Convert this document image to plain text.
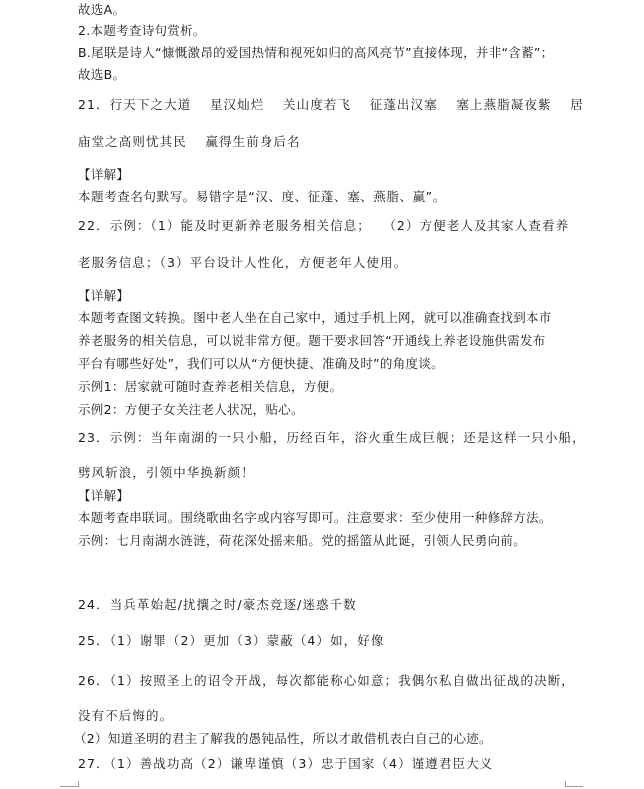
故选A。
2.本题考查诗句赏析。
B.尾联是诗人“慷慨激昂的爱国热情和视死如归的高风亮节”直接体现，并非“含蓄”；
故选B。
21．行天下之大道　 星汉灿烂　 关山度若飞　 征蓬出汉塞　 塞上燕脂凝夜紫　 居
庙堂之高则忧其民　 赢得生前身后名
【详解】
本题考查名句默写。易错字是“汉、度、征蓬、塞、燕脂、赢”。
22．示例：（1）能及时更新养老服务相关信息；　 （2）方便老人及其家人查看养
老服务信息；（3）平台设计人性化，方便老年人使用。
【详解】
本题考查图文转换。图中老人坐在自己家中，通过手机上网，就可以准确查找到本市
养老服务的相关信息，可以说非常方便。题干要求回答“开通线上养老设施供需发布
平台有哪些好处”，我们可以从“方便快捷、准确及时”的角度谈。
示例1：居家就可随时查养老相关信息，方便。
示例2：方便子女关注老人状况，贴心。
23．示例：当年南湖的一只小船，历经百年，浴火重生成巨舰；还是这样一只小船，
劈风斩浪，引领中华换新颜！
【详解】
本题考查串联词。围绕歌曲名字或内容写即可。注意要求：至少使用一种修辞方法。
示例：七月南湖水涟涟，荷花深处摇来船。党的摇篮从此诞，引领人民勇向前。
24．当兵革始起/扰攘之时/豪杰竞逐/迷惑千数
25．（1）谢罪（2）更加（3）蒙蔽（4）如，好像
26．（1）按照圣上的诏令开战，每次都能称心如意；我偶尔私自做出征战的决断，
没有不后悔的。
（2）知道圣明的君主了解我的愚钝品性，所以才敢借机表白自己的心迹。
27．（1）善战功高（2）谦卑谨慎（3）忠于国家（4）谨遵君臣大义
